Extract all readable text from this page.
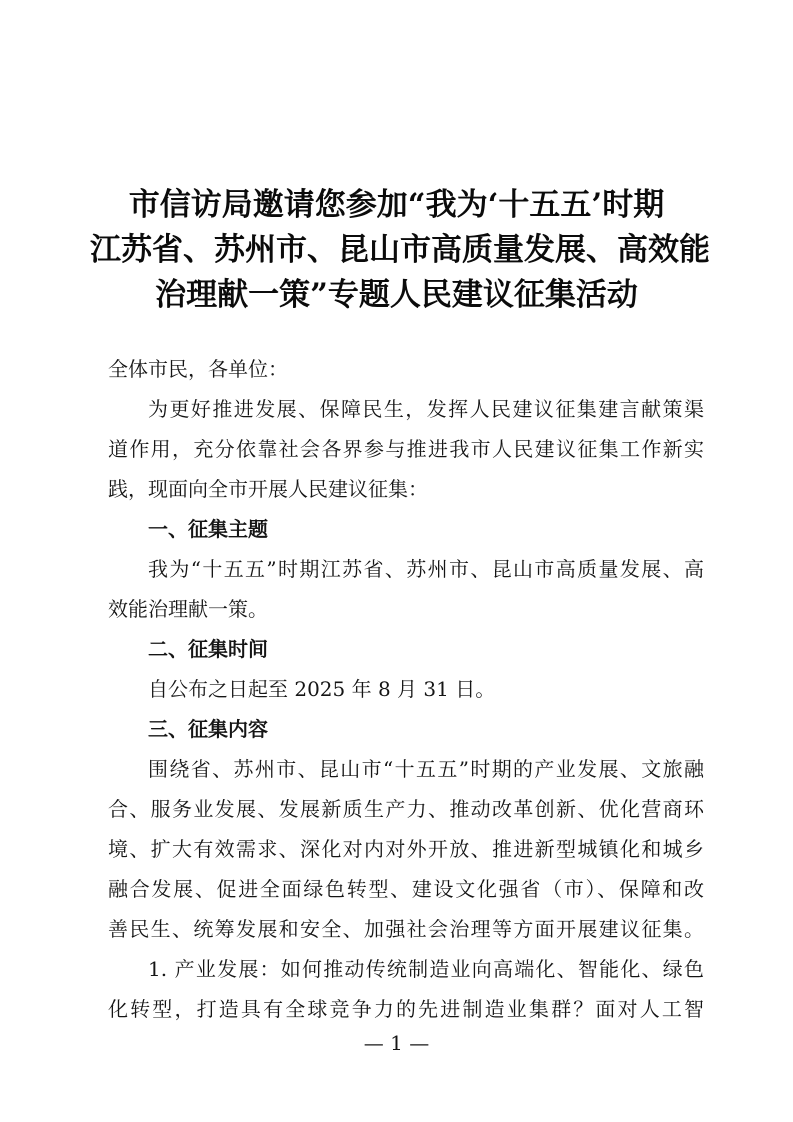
市信访局邀请您参加“我为‘十五五’时期
江苏省、苏州市、昆山市高质量发展、高效能
治理献一策”专题人民建议征集活动
全体市民，各单位：
为更好推进发展、保障民生，发挥人民建议征集建言献策渠
道作用，充分依靠社会各界参与推进我市人民建议征集工作新实
践，现面向全市开展人民建议征集：
一、征集主题
我为“十五五”时期江苏省、苏州市、昆山市高质量发展、高
效能治理献一策。
二、征集时间
自公布之日起至 2025 年 8 月 31 日。
三、征集内容
围绕省、苏州市、昆山市“十五五”时期的产业发展、文旅融
合、服务业发展、发展新质生产力、推动改革创新、优化营商环
境、扩大有效需求、深化对内对外开放、推进新型城镇化和城乡
融合发展、促进全面绿色转型、建设文化强省（市）、保障和改
善民生、统筹发展和安全、加强社会治理等方面开展建议征集。
1. 产业发展：如何推动传统制造业向高端化、智能化、绿色
化转型，打造具有全球竞争力的先进制造业集群？面对人工智
— 1 —
